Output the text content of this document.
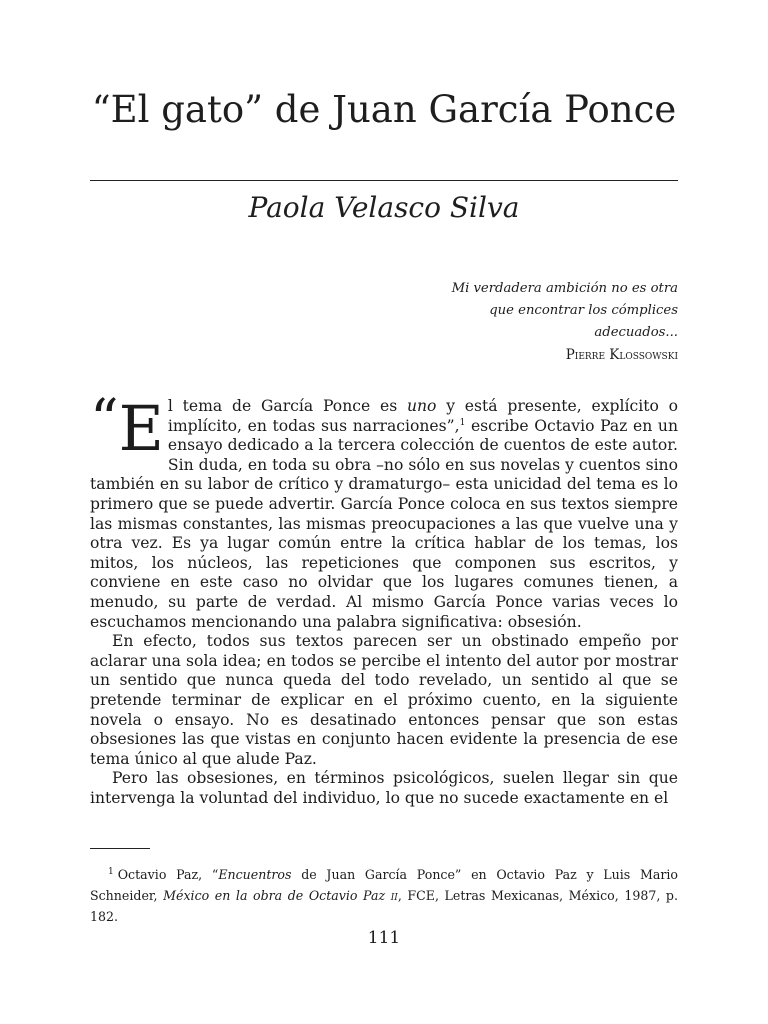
“El gato” de Juan García Ponce
Paola Velasco Silva
Mi verdadera ambición no es otra
que encontrar los cómplices
adecuados...
Pierre Klossowski

“ E l tema de García Ponce es uno y está presente, explícito o implícito, en todas sus narraciones”,$^1$ escribe Octavio Paz en un ensayo dedicado a la tercera colección de cuentos de este autor. Sin duda, en toda su obra –no sólo en sus novelas y cuentos sino también en su labor de crítico y dramaturgo– esta unicidad del tema es lo primero que se puede advertir. García Ponce coloca en sus textos siempre las mismas constantes, las mismas preocupaciones a las que vuelve una y otra vez. Es ya lugar común entre la crítica hablar de los temas, los mitos, los núcleos, las repeticiones que componen sus escritos, y conviene en este caso no olvidar que los lugares comunes tienen, a menudo, su parte de verdad. Al mismo García Ponce varias veces lo escuchamos mencionando una palabra significativa: obsesión.

En efecto, todos sus textos parecen ser un obstinado empeño por aclarar una sola idea; en todos se percibe el intento del autor por mostrar un sentido que nunca queda del todo revelado, un sentido al que se pretende terminar de explicar en el próximo cuento, en la siguiente novela o ensayo. No es desatinado entonces pensar que son estas obsesiones las que vistas en conjunto hacen evidente la presencia de ese tema único al que alude Paz.

Pero las obsesiones, en términos psicológicos, suelen llegar sin que intervenga la voluntad del individuo, lo que no sucede exactamente en el

$^1$ Octavio Paz, “Encuentros de Juan García Ponce” en Octavio Paz y Luis Mario Schneider, México en la obra de Octavio Paz ii, FCE, Letras Mexicanas, México, 1987, p. 182.

111
